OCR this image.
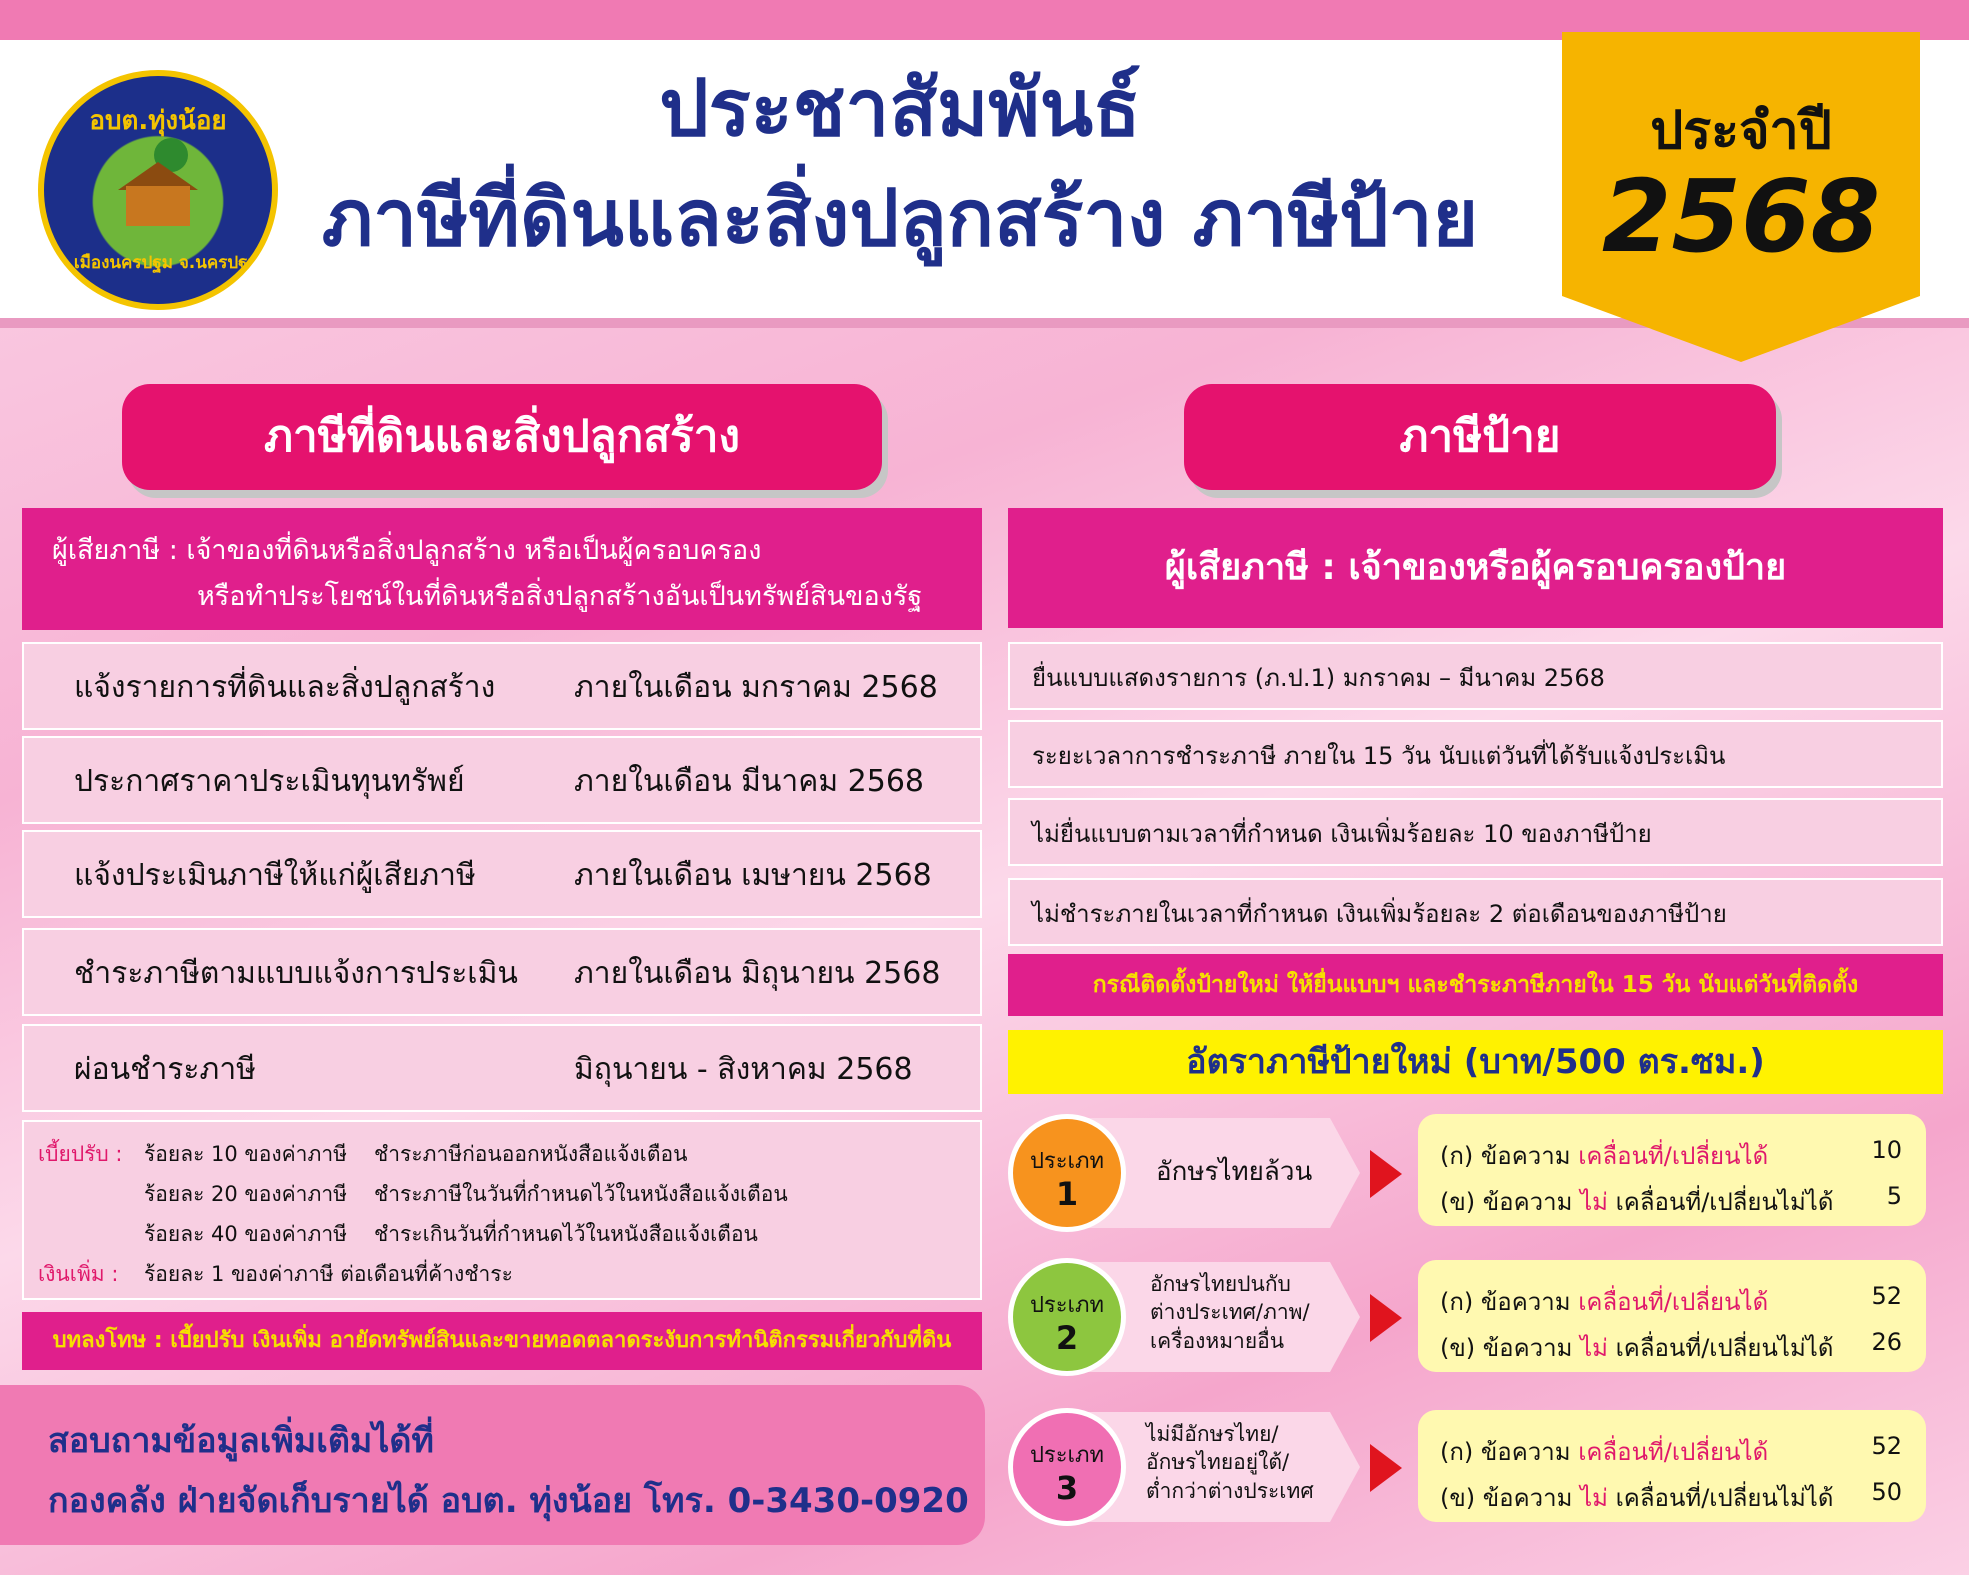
อบต.ทุ่งน้อย
อ.เมืองนครปฐม จ.นครปฐม
ประชาสัมพันธ์
ภาษีที่ดินและสิ่งปลูกสร้าง ภาษีป้าย
ประจำปี
2568
ภาษีที่ดินและสิ่งปลูกสร้าง
ผู้เสียภาษี : เจ้าของที่ดินหรือสิ่งปลูกสร้าง หรือเป็นผู้ครอบครอง
หรือทำประโยชน์ในที่ดินหรือสิ่งปลูกสร้างอันเป็นทรัพย์สินของรัฐ
แจ้งรายการที่ดินและสิ่งปลูกสร้าง	ภายในเดือน มกราคม 2568
ประกาศราคาประเมินทุนทรัพย์	ภายในเดือน มีนาคม 2568
แจ้งประเมินภาษีให้แก่ผู้เสียภาษี	ภายในเดือน เมษายน 2568
ชำระภาษีตามแบบแจ้งการประเมิน ภายในเดือน มิถุนายน 2568
ผ่อนชำระภาษี	มิถุนายน - สิงหาคม 2568
เบี้ยปรับ : ร้อยละ 10 ของค่าภาษี ชำระภาษีก่อนออกหนังสือแจ้งเตือน
ร้อยละ 20 ของค่าภาษี ชำระภาษีในวันที่กำหนดไว้ในหนังสือแจ้งเตือน
ร้อยละ 40 ของค่าภาษี ชำระเกินวันที่กำหนดไว้ในหนังสือแจ้งเตือน
เงินเพิ่ม : ร้อยละ 1 ของค่าภาษี ต่อเดือนที่ค้างชำระ
บทลงโทษ : เบี้ยปรับ เงินเพิ่ม อายัดทรัพย์สินและขายทอดตลาดระงับการทำนิติกรรมเกี่ยวกับที่ดิน
สอบถามข้อมูลเพิ่มเติมได้ที่
กองคลัง ฝ่ายจัดเก็บรายได้ อบต. ทุ่งน้อย โทร. 0-3430-0920
ภาษีป้าย
ผู้เสียภาษี : เจ้าของหรือผู้ครอบครองป้าย
ยื่นแบบแสดงรายการ (ภ.ป.1) มกราคม – มีนาคม 2568
ระยะเวลาการชำระภาษี ภายใน 15 วัน นับแต่วันที่ได้รับแจ้งประเมิน
ไม่ยื่นแบบตามเวลาที่กำหนด เงินเพิ่มร้อยละ 10 ของภาษีป้าย
ไม่ชำระภายในเวลาที่กำหนด เงินเพิ่มร้อยละ 2 ต่อเดือนของภาษีป้าย
กรณีติดตั้งป้ายใหม่ ให้ยื่นแบบฯ และชำระภาษีภายใน 15 วัน นับแต่วันที่ติดตั้ง
อัตราภาษีป้ายใหม่ (บาท/500 ตร.ซม.)
ประเภท
1
อักษรไทยล้วน
(ก) ข้อความ เคลื่อนที่/เปลี่ยนได้	10
(ข) ข้อความ ไม่ เคลื่อนที่/เปลี่ยนไม่ได้ 5
ประเภท
2
อักษรไทยปนกับ
ต่างประเทศ/ภาพ/
เครื่องหมายอื่น
(ก) ข้อความ เคลื่อนที่/เปลี่ยนได้	52
(ข) ข้อความ ไม่ เคลื่อนที่/เปลี่ยนไม่ได้ 26
ประเภท
3
ไม่มีอักษรไทย/
อักษรไทยอยู่ใต้/
ต่ำกว่าต่างประเทศ
(ก) ข้อความ เคลื่อนที่/เปลี่ยนได้	52
(ข) ข้อความ ไม่ เคลื่อนที่/เปลี่ยนไม่ได้ 50
